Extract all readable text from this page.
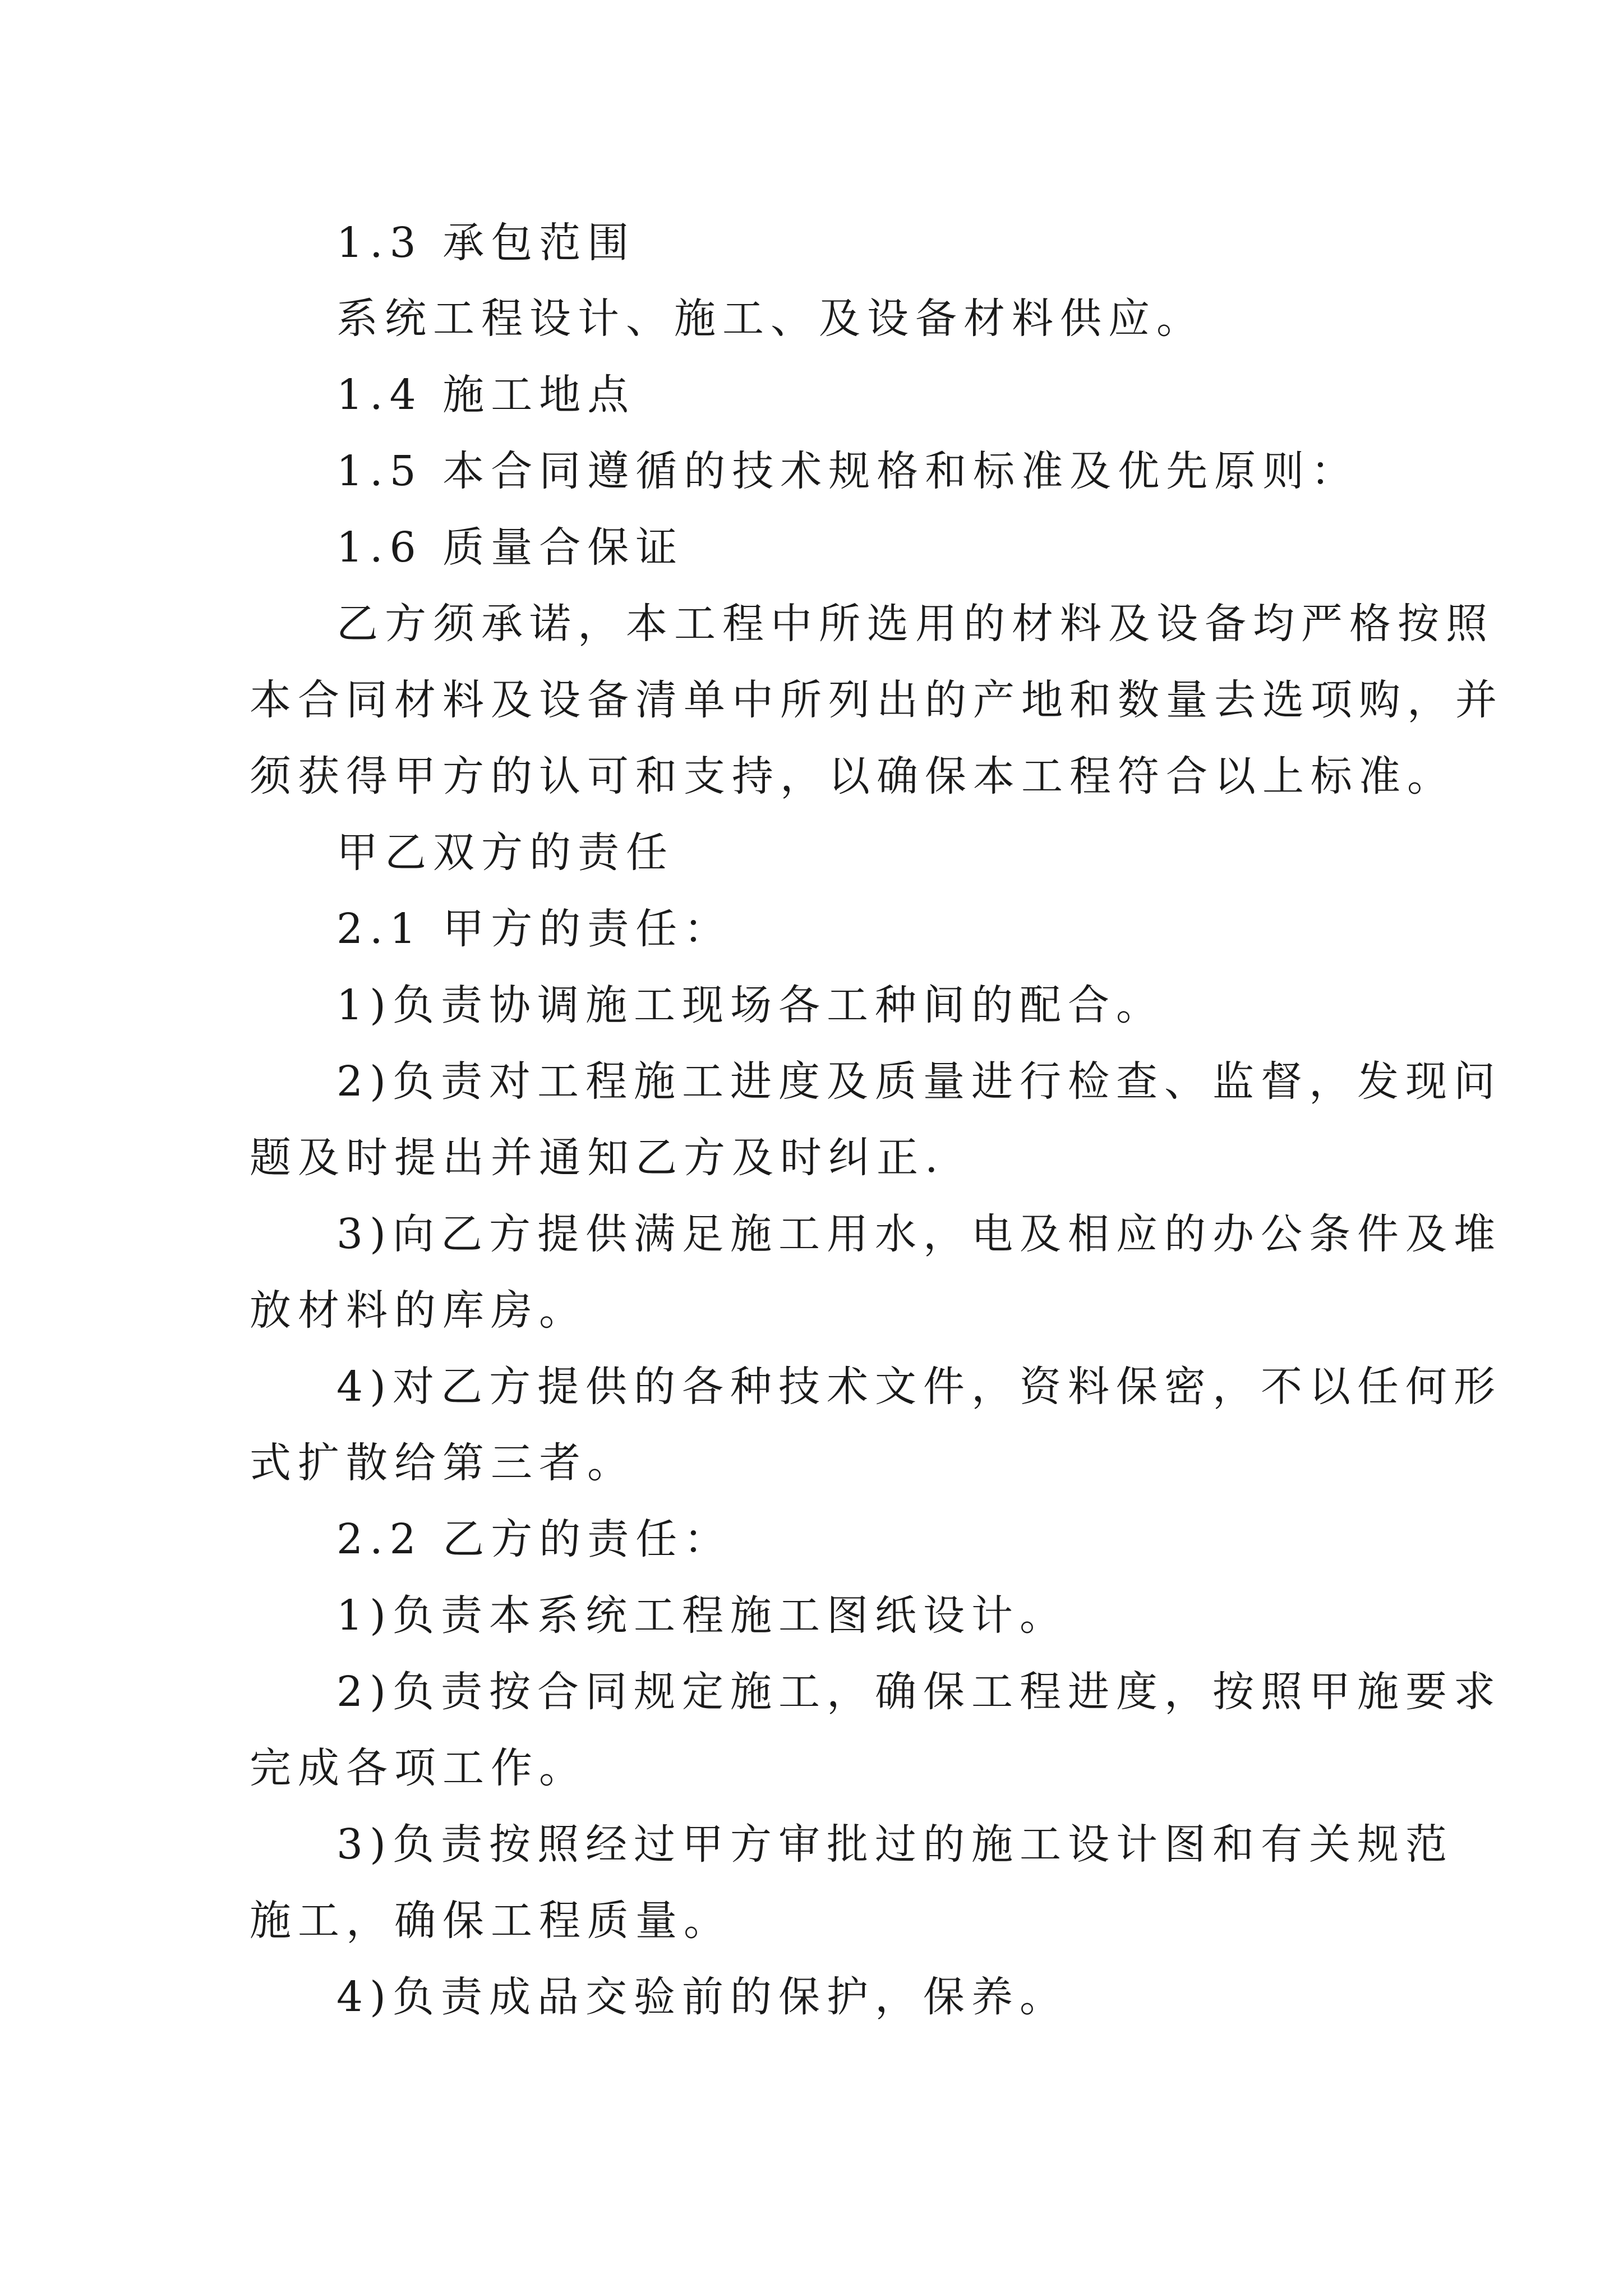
1.3 承包范围
系统工程设计、施工、及设备材料供应。
1.4 施工地点
1.5 本合同遵循的技术规格和标准及优先原则：
1.6 质量合保证
乙方须承诺，本工程中所选用的材料及设备均严格按照
本合同材料及设备清单中所列出的产地和数量去选项购，并
须获得甲方的认可和支持，以确保本工程符合以上标准。
甲乙双方的责任
2.1 甲方的责任：
1)负责协调施工现场各工种间的配合。
2)负责对工程施工进度及质量进行检查、监督，发现问
题及时提出并通知乙方及时纠正.
3)向乙方提供满足施工用水，电及相应的办公条件及堆
放材料的库房。
4)对乙方提供的各种技术文件，资料保密，不以任何形
式扩散给第三者。
2.2 乙方的责任：
1)负责本系统工程施工图纸设计。
2)负责按合同规定施工，确保工程进度，按照甲施要求
完成各项工作。
3)负责按照经过甲方审批过的施工设计图和有关规范
施工，确保工程质量。
4)负责成品交验前的保护，保养。
